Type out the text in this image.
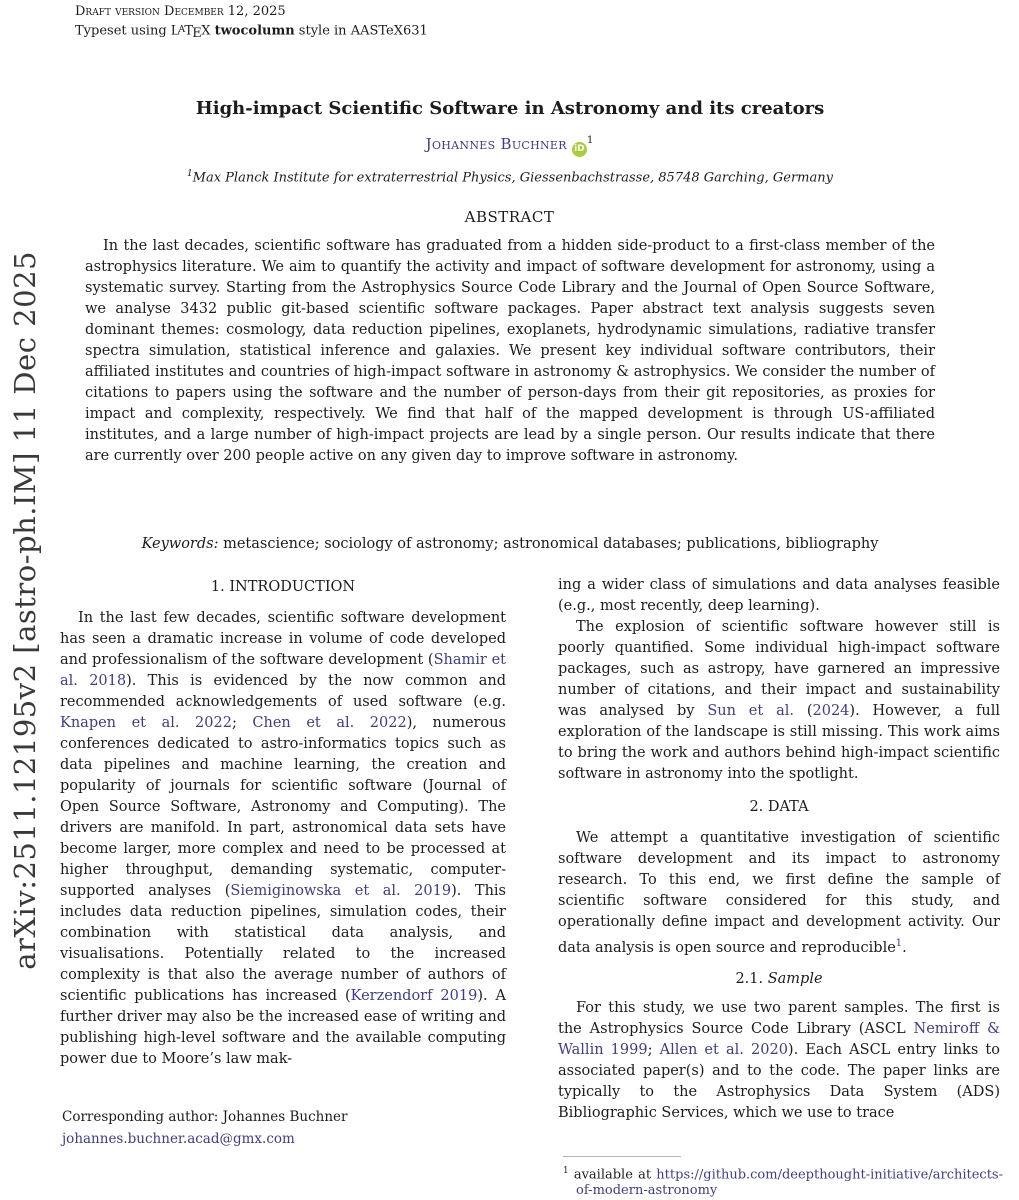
arXiv:2511.12195v2 [astro-ph.IM] 11 Dec 2025
Draft version December 12, 2025
Typeset using $L^ATEX$ twocolumn style in AASTeX631
High-impact Scientific Software in Astronomy and its creators
Johannes Buchner iD$^1$
$^1$Max Planck Institute for extraterrestrial Physics, Giessenbachstrasse, 85748 Garching, Germany
ABSTRACT
In the last decades, scientific software has graduated from a hidden side-product to a first-class member of the astrophysics literature. We aim to quantify the activity and impact of software development for astronomy, using a systematic survey. Starting from the Astrophysics Source Code Library and the Journal of Open Source Software, we analyse 3432 public git-based scientific software packages. Paper abstract text analysis suggests seven dominant themes: cosmology, data reduction pipelines, exoplanets, hydrodynamic simulations, radiative transfer spectra simulation, statistical inference and galaxies. We present key individual software contributors, their affiliated institutes and countries of high-impact software in astronomy & astrophysics. We consider the number of citations to papers using the software and the number of person-days from their git repositories, as proxies for impact and complexity, respectively. We find that half of the mapped development is through US-affiliated institutes, and a large number of high-impact projects are lead by a single person. Our results indicate that there are currently over 200 people active on any given day to improve software in astronomy.
Keywords: metascience; sociology of astronomy; astronomical databases; publications, bibliography
1. INTRODUCTION

In the last few decades, scientific software development has seen a dramatic increase in volume of code developed and professionalism of the software development (Shamir et al. 2018). This is evidenced by the now common and recommended acknowledgements of used software (e.g. Knapen et al. 2022; Chen et al. 2022), numerous conferences dedicated to astro-informatics topics such as data pipelines and machine learning, the creation and popularity of journals for scientific software (Journal of Open Source Software, Astronomy and Computing). The drivers are manifold. In part, astronomical data sets have become larger, more complex and need to be processed at higher throughput, demanding systematic, computer-supported analyses (Siemiginowska et al. 2019). This includes data reduction pipelines, simulation codes, their combination with statistical data analysis, and visualisations. Potentially related to the increased complexity is that also the average number of authors of scientific publications has increased (Kerzendorf 2019). A further driver may also be the increased ease of writing and publishing high-level software and the available computing power due to Moore’s law mak-

ing a wider class of simulations and data analyses feasible (e.g., most recently, deep learning).

The explosion of scientific software however still is poorly quantified. Some individual high-impact software packages, such as astropy, have garnered an impressive number of citations, and their impact and sustainability was analysed by Sun et al. (2024). However, a full exploration of the landscape is still missing. This work aims to bring the work and authors behind high-impact scientific software in astronomy into the spotlight.

2. DATA

We attempt a quantitative investigation of scientific software development and its impact to astronomy research. To this end, we first define the sample of scientific software considered for this study, and operationally define impact and development activity. Our data analysis is open source and reproducible$^1$.

2.1. Sample

For this study, we use two parent samples. The first is the Astrophysics Source Code Library (ASCL Nemiroff & Wallin 1999; Allen et al. 2020). Each ASCL entry links to associated paper(s) and to the code. The paper links are typically to the Astrophysics Data System (ADS) Bibliographic Services, which we use to trace

Corresponding author: Johannes Buchner
johannes.buchner.acad@gmx.com
$^1$ available at https://github.com/deepthought-initiative/architects-of-modern-astronomy
